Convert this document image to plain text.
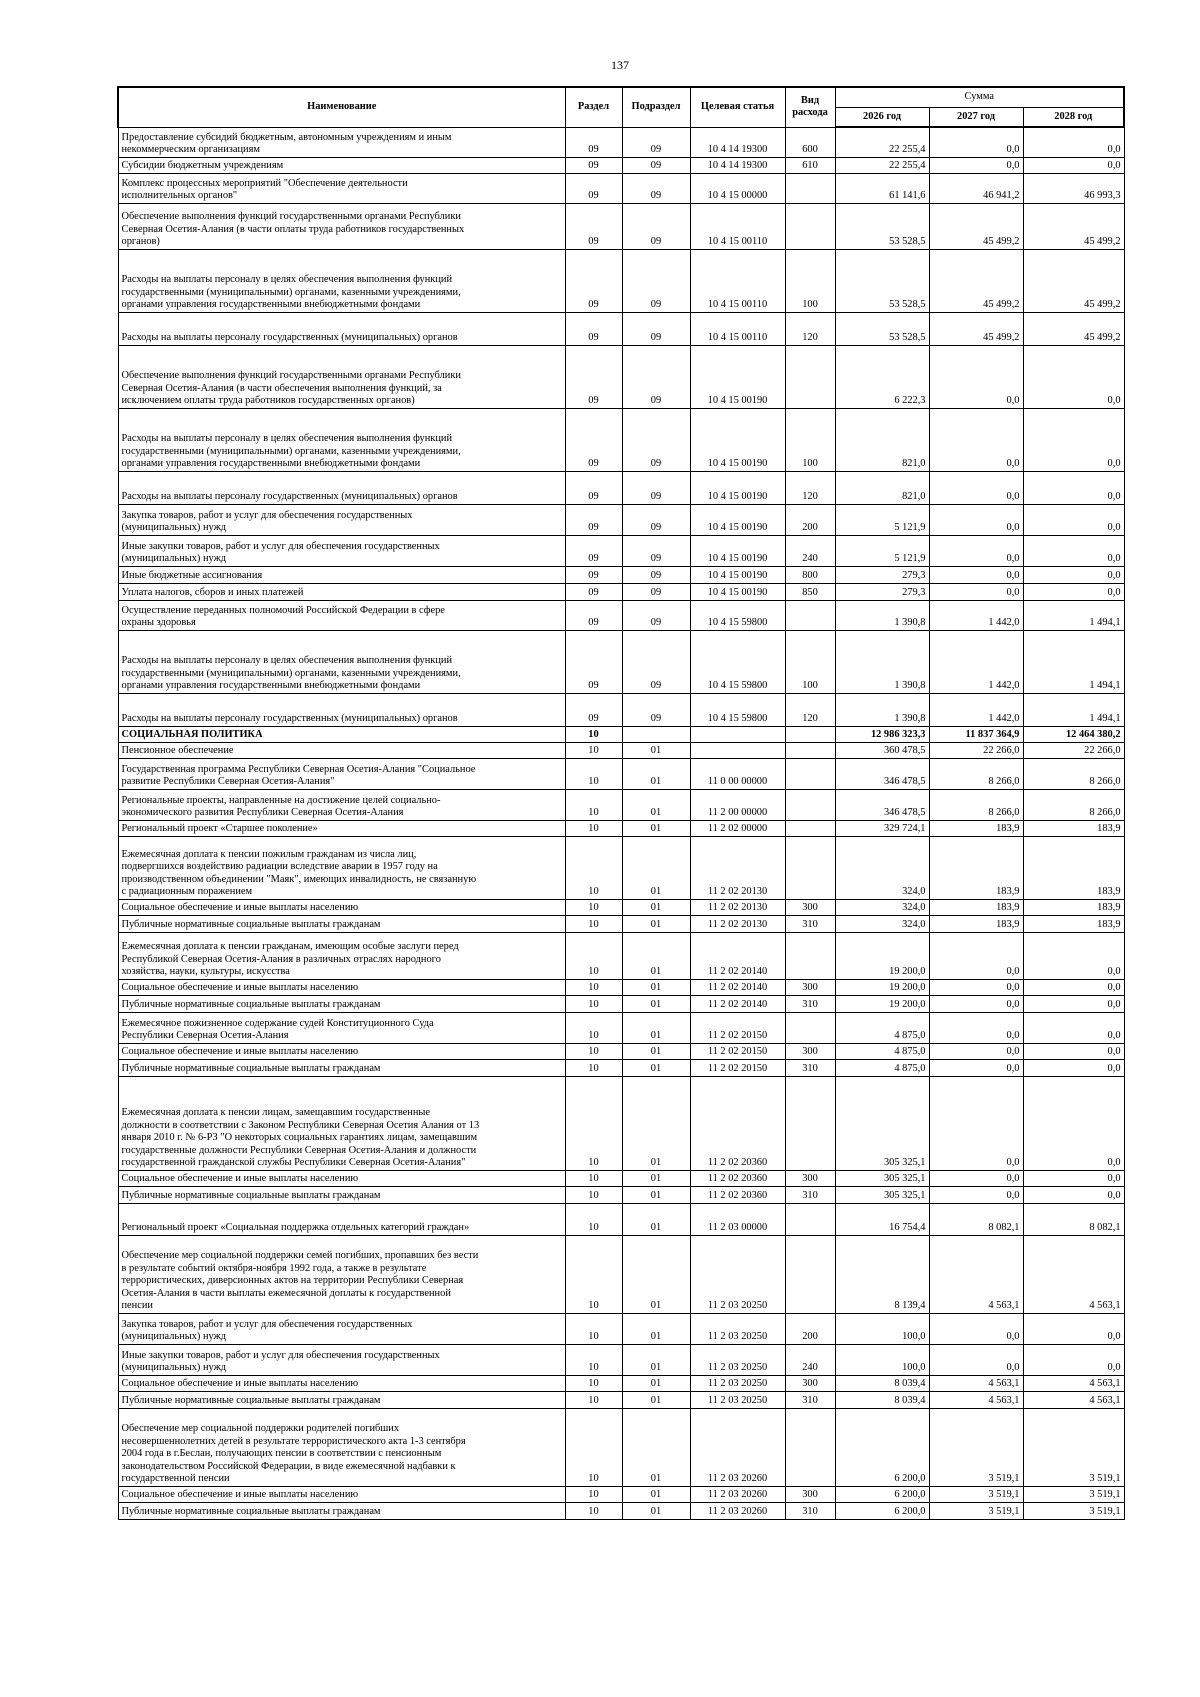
137
Наименование	Раздел	Подраздел	Целевая статья	Вид расхода	Сумма		
					2026 год	2027 год	2028 год
Предоставление субсидий бюджетным, автономным учреждениям и иным
некоммерческим организациям	09	09	10 4 14 19300	600	22 255,4	0,0	0,0
Субсидии бюджетным учреждениям	09	09	10 4 14 19300	610	22 255,4	0,0	0,0
Комплекс процессных мероприятий "Обеспечение деятельности
исполнительных органов"	09	09	10 4 15 00000		61 141,6	46 941,2	46 993,3
Обеспечение выполнения функций государственными органами Республики
Северная Осетия-Алания (в части оплаты труда работников государственных
органов)	09	09	10 4 15 00110		53 528,5	45 499,2	45 499,2
Расходы на выплаты персоналу в целях обеспечения выполнения функций
государственными (муниципальными) органами, казенными учреждениями,
органами управления государственными внебюджетными фондами	09	09	10 4 15 00110	100	53 528,5	45 499,2	45 499,2
Расходы на выплаты персоналу государственных (муниципальных) органов	09	09	10 4 15 00110	120	53 528,5	45 499,2	45 499,2
Обеспечение выполнения функций государственными органами Республики
Северная Осетия-Алания (в части обеспечения выполнения функций, за
исключением оплаты труда работников государственных органов)	09	09	10 4 15 00190		6 222,3	0,0	0,0
Расходы на выплаты персоналу в целях обеспечения выполнения функций
государственными (муниципальными) органами, казенными учреждениями,
органами управления государственными внебюджетными фондами	09	09	10 4 15 00190	100	821,0	0,0	0,0
Расходы на выплаты персоналу государственных (муниципальных) органов	09	09	10 4 15 00190	120	821,0	0,0	0,0
Закупка товаров, работ и услуг для обеспечения государственных
(муниципальных) нужд	09	09	10 4 15 00190	200	5 121,9	0,0	0,0
Иные закупки товаров, работ и услуг для обеспечения государственных
(муниципальных) нужд	09	09	10 4 15 00190	240	5 121,9	0,0	0,0
Иные бюджетные ассигнования	09	09	10 4 15 00190	800	279,3	0,0	0,0
Уплата налогов, сборов и иных платежей	09	09	10 4 15 00190	850	279,3	0,0	0,0
Осуществление переданных полномочий Российской Федерации в сфере
охраны здоровья	09	09	10 4 15 59800		1 390,8	1 442,0	1 494,1
Расходы на выплаты персоналу в целях обеспечения выполнения функций
государственными (муниципальными) органами, казенными учреждениями,
органами управления государственными внебюджетными фондами	09	09	10 4 15 59800	100	1 390,8	1 442,0	1 494,1
Расходы на выплаты персоналу государственных (муниципальных) органов	09	09	10 4 15 59800	120	1 390,8	1 442,0	1 494,1
СОЦИАЛЬНАЯ ПОЛИТИКА	10				12 986 323,3	11 837 364,9	12 464 380,2
Пенсионное обеспечение	10	01			360 478,5	22 266,0	22 266,0
Государственная программа Республики Северная Осетия-Алания "Социальное
развитие Республики Северная Осетия-Алания"	10	01	11 0 00 00000		346 478,5	8 266,0	8 266,0
Региональные проекты, направленные на достижение целей социально-
экономического развития Республики Северная Осетия-Алания	10	01	11 2 00 00000		346 478,5	8 266,0	8 266,0
Региональный проект «Старшее поколение»	10	01	11 2 02 00000		329 724,1	183,9	183,9
Ежемесячная доплата к пенсии пожилым гражданам из числа лиц,
подвергшихся воздействию радиации вследствие аварии в 1957 году на
производственном объединении "Маяк", имеющих инвалидность, не связанную
с радиационным поражением	10	01	11 2 02 20130		324,0	183,9	183,9
Социальное обеспечение и иные выплаты населению	10	01	11 2 02 20130	300	324,0	183,9	183,9
Публичные нормативные социальные выплаты гражданам	10	01	11 2 02 20130	310	324,0	183,9	183,9
Ежемесячная доплата к пенсии гражданам, имеющим особые заслуги перед
Республикой Северная Осетия-Алания в различных отраслях народного
хозяйства, науки, культуры, искусства	10	01	11 2 02 20140		19 200,0	0,0	0,0
Социальное обеспечение и иные выплаты населению	10	01	11 2 02 20140	300	19 200,0	0,0	0,0
Публичные нормативные социальные выплаты гражданам	10	01	11 2 02 20140	310	19 200,0	0,0	0,0
Ежемесячное пожизненное содержание судей Конституционного Суда
Республики Северная Осетия-Алания	10	01	11 2 02 20150		4 875,0	0,0	0,0
Социальное обеспечение и иные выплаты населению	10	01	11 2 02 20150	300	4 875,0	0,0	0,0
Публичные нормативные социальные выплаты гражданам	10	01	11 2 02 20150	310	4 875,0	0,0	0,0
Ежемесячная доплата к пенсии лицам, замещавшим государственные
должности в соответствии с Законом Республики Северная Осетия Алания от 13
января 2010 г. № 6-РЗ "О некоторых социальных гарантиях лицам, замещавшим
государственные должности Республики Северная Осетия-Алания и должности
государственной гражданской службы Республики Северная Осетия-Алания"	10	01	11 2 02 20360		305 325,1	0,0	0,0
Социальное обеспечение и иные выплаты населению	10	01	11 2 02 20360	300	305 325,1	0,0	0,0
Публичные нормативные социальные выплаты гражданам	10	01	11 2 02 20360	310	305 325,1	0,0	0,0
Региональный проект «Социальная поддержка отдельных категорий граждан»	10	01	11 2 03 00000		16 754,4	8 082,1	8 082,1
Обеспечение мер социальной поддержки семей погибших, пропавших без вести
в результате событий октября-ноября 1992 года, а также в результате
террористических, диверсионных актов на территории Республики Северная
Осетия-Алания в части выплаты ежемесячной доплаты к государственной
пенсии	10	01	11 2 03 20250		8 139,4	4 563,1	4 563,1
Закупка товаров, работ и услуг для обеспечения государственных
(муниципальных) нужд	10	01	11 2 03 20250	200	100,0	0,0	0,0
Иные закупки товаров, работ и услуг для обеспечения государственных
(муниципальных) нужд	10	01	11 2 03 20250	240	100,0	0,0	0,0
Социальное обеспечение и иные выплаты населению	10	01	11 2 03 20250	300	8 039,4	4 563,1	4 563,1
Публичные нормативные социальные выплаты гражданам	10	01	11 2 03 20250	310	8 039,4	4 563,1	4 563,1
Обеспечение мер социальной поддержки родителей погибших
несовершеннолетних детей в результате террористического акта 1-3 сентября
2004 года в г.Беслан, получающих пенсии в соответствии с пенсионным
законодательством Российской Федерации, в виде ежемесячной надбавки к
государственной пенсии	10	01	11 2 03 20260		6 200,0	3 519,1	3 519,1
Социальное обеспечение и иные выплаты населению	10	01	11 2 03 20260	300	6 200,0	3 519,1	3 519,1
Публичные нормативные социальные выплаты гражданам	10	01	11 2 03 20260	310	6 200,0	3 519,1	3 519,1
